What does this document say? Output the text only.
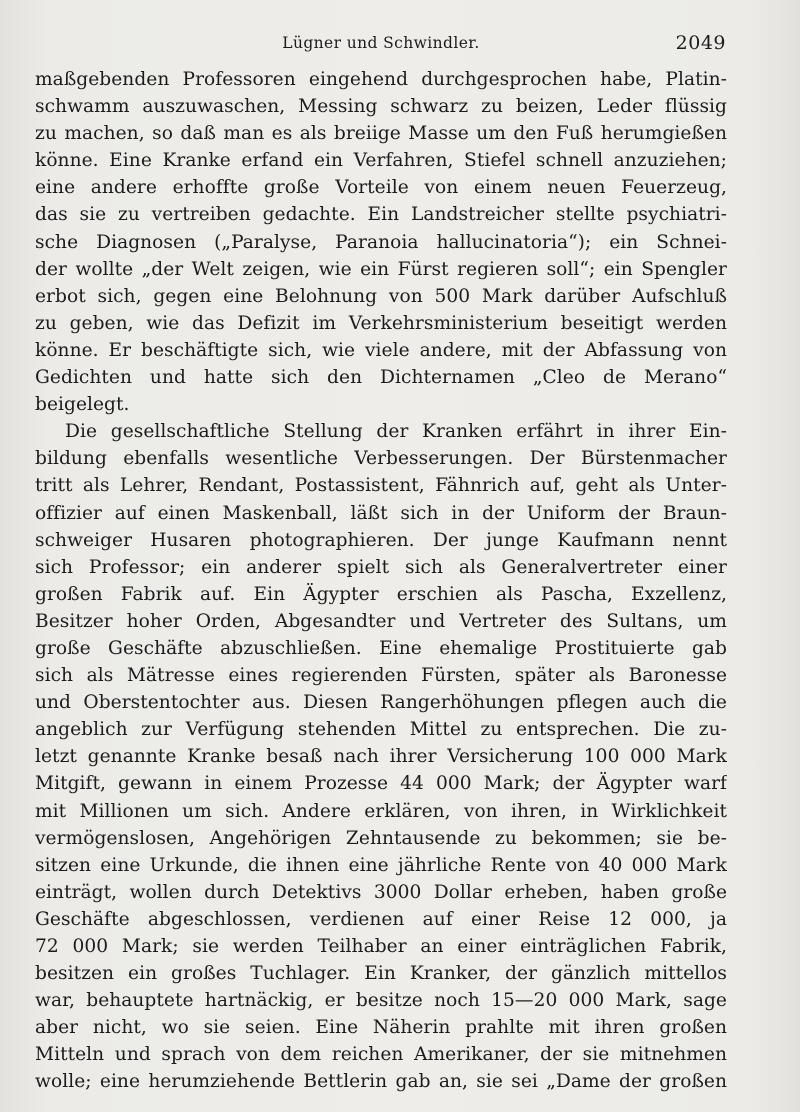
Lügner und Schwindler.	2049
maßgebenden Professoren eingehend durchgesprochen habe, Platin-
schwamm auszuwaschen, Messing schwarz zu beizen, Leder flüssig
zu machen, so daß man es als breiige Masse um den Fuß herumgießen
könne. Eine Kranke erfand ein Verfahren, Stiefel schnell anzuziehen;
eine andere erhoffte große Vorteile von einem neuen Feuerzeug,
das sie zu vertreiben gedachte. Ein Landstreicher stellte psychiatri-
sche Diagnosen („Paralyse, Paranoia hallucinatoria“); ein Schnei-
der wollte „der Welt zeigen, wie ein Fürst regieren soll“; ein Spengler
erbot sich, gegen eine Belohnung von 500 Mark darüber Aufschluß
zu geben, wie das Defizit im Verkehrsministerium beseitigt werden
könne. Er beschäftigte sich, wie viele andere, mit der Abfassung von
Gedichten und hatte sich den Dichternamen „Cleo de Merano“
beigelegt.
Die gesellschaftliche Stellung der Kranken erfährt in ihrer Ein-
bildung ebenfalls wesentliche Verbesserungen. Der Bürstenmacher
tritt als Lehrer, Rendant, Postassistent, Fähnrich auf, geht als Unter-
offizier auf einen Maskenball, läßt sich in der Uniform der Braun-
schweiger Husaren photographieren. Der junge Kaufmann nennt
sich Professor; ein anderer spielt sich als Generalvertreter einer
großen Fabrik auf. Ein Ägypter erschien als Pascha, Exzellenz,
Besitzer hoher Orden, Abgesandter und Vertreter des Sultans, um
große Geschäfte abzuschließen. Eine ehemalige Prostituierte gab
sich als Mätresse eines regierenden Fürsten, später als Baronesse
und Oberstentochter aus. Diesen Rangerhöhungen pflegen auch die
angeblich zur Verfügung stehenden Mittel zu entsprechen. Die zu-
letzt genannte Kranke besaß nach ihrer Versicherung 100 000 Mark
Mitgift, gewann in einem Prozesse 44 000 Mark; der Ägypter warf
mit Millionen um sich. Andere erklären, von ihren, in Wirklichkeit
vermögenslosen, Angehörigen Zehntausende zu bekommen; sie be-
sitzen eine Urkunde, die ihnen eine jährliche Rente von 40 000 Mark
einträgt, wollen durch Detektivs 3000 Dollar erheben, haben große
Geschäfte abgeschlossen, verdienen auf einer Reise 12 000, ja
72 000 Mark; sie werden Teilhaber an einer einträglichen Fabrik,
besitzen ein großes Tuchlager. Ein Kranker, der gänzlich mittellos
war, behauptete hartnäckig, er besitze noch 15—20 000 Mark, sage
aber nicht, wo sie seien. Eine Näherin prahlte mit ihren großen
Mitteln und sprach von dem reichen Amerikaner, der sie mitnehmen
wolle; eine herumziehende Bettlerin gab an, sie sei „Dame der großen
